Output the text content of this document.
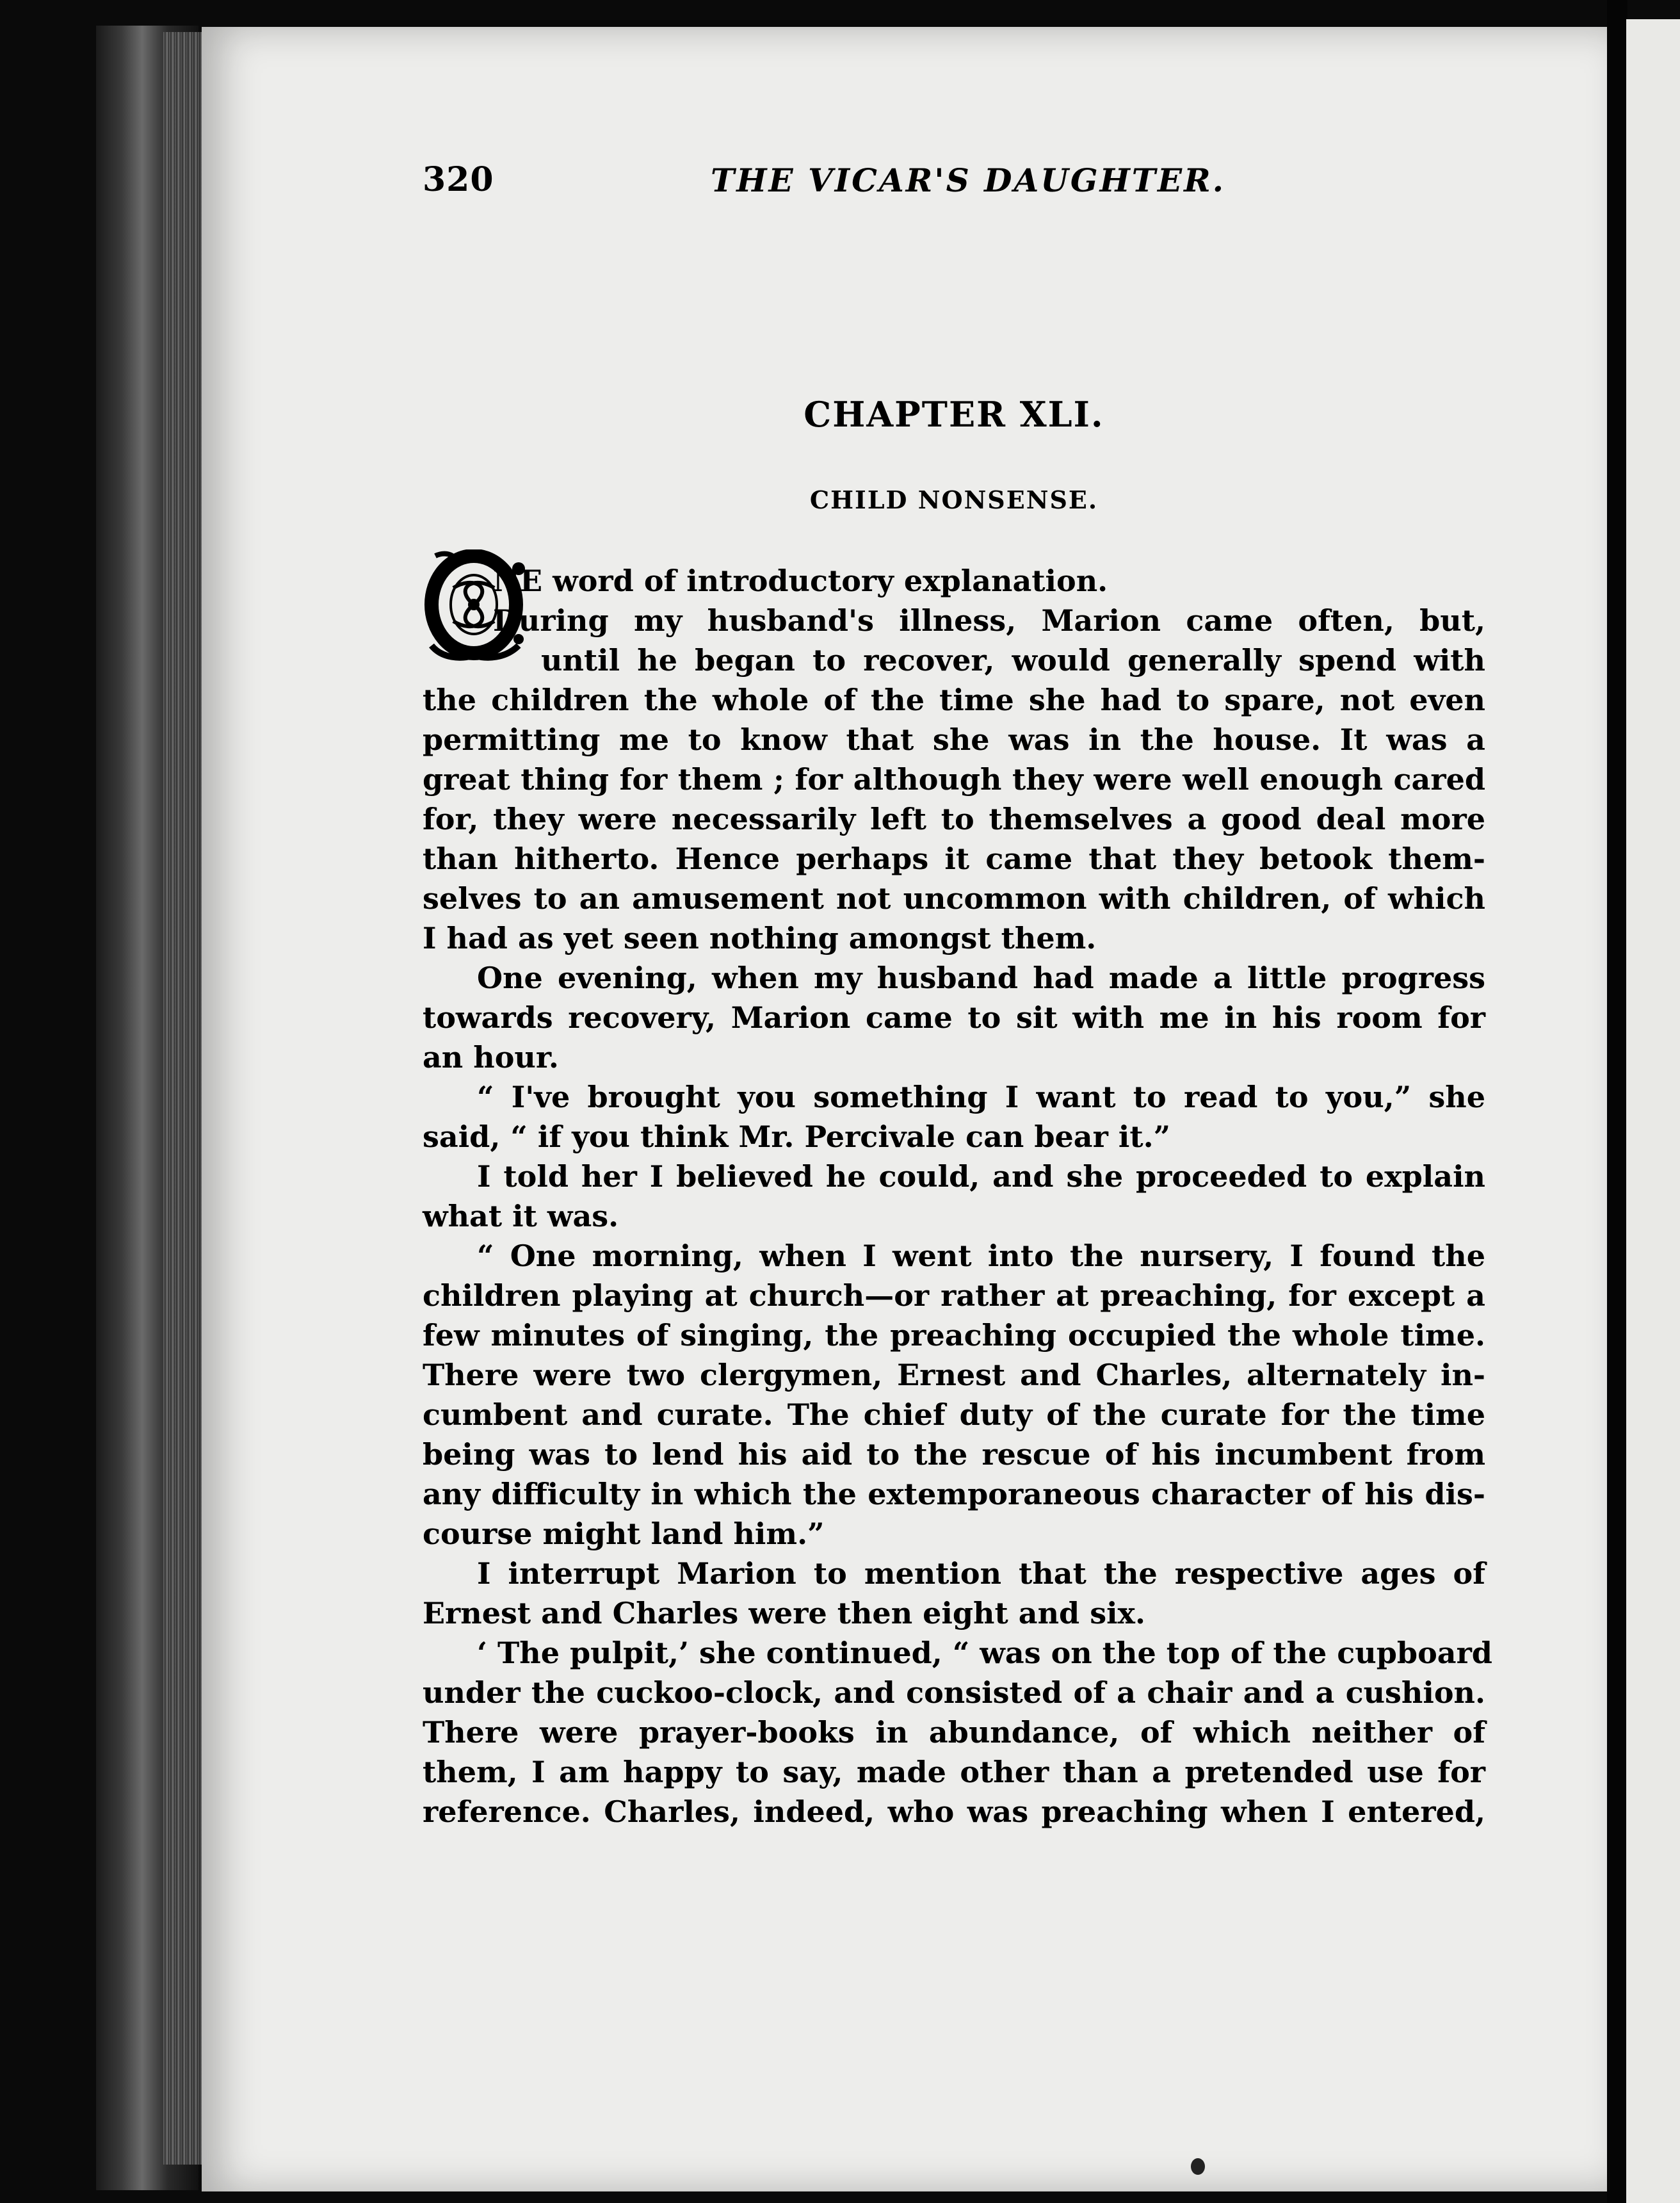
320	THE VICAR'S DAUGHTER.
CHAPTER XLI.
CHILD NONSENSE.
NE word of introductory explanation.
During my husband's illness, Marion came often, but,
until he began to recover, would generally spend with
the children the whole of the time she had to spare, not even
permitting me to know that she was in the house. It was a
great thing for them ; for although they were well enough cared
for, they were necessarily left to themselves a good deal more
than hitherto. Hence perhaps it came that they betook them-
selves to an amusement not uncommon with children, of which
I had as yet seen nothing amongst them.
One evening, when my husband had made a little progress
towards recovery, Marion came to sit with me in his room for
an hour.
“ I've brought you something I want to read to you,” she
said, “ if you think Mr. Percivale can bear it.”
I told her I believed he could, and she proceeded to explain
what it was.
“ One morning, when I went into the nursery, I found the
children playing at church—or rather at preaching, for except a
few minutes of singing, the preaching occupied the whole time.
There were two clergymen, Ernest and Charles, alternately in-
cumbent and curate. The chief duty of the curate for the time
being was to lend his aid to the rescue of his incumbent from
any difficulty in which the extemporaneous character of his dis-
course might land him.”
I interrupt Marion to mention that the respective ages of
Ernest and Charles were then eight and six.
‘ The pulpit,’ she continued, “ was on the top of the cupboard
under the cuckoo-clock, and consisted of a chair and a cushion.
There were prayer-books in abundance, of which neither of
them, I am happy to say, made other than a pretended use for
reference. Charles, indeed, who was preaching when I entered,
